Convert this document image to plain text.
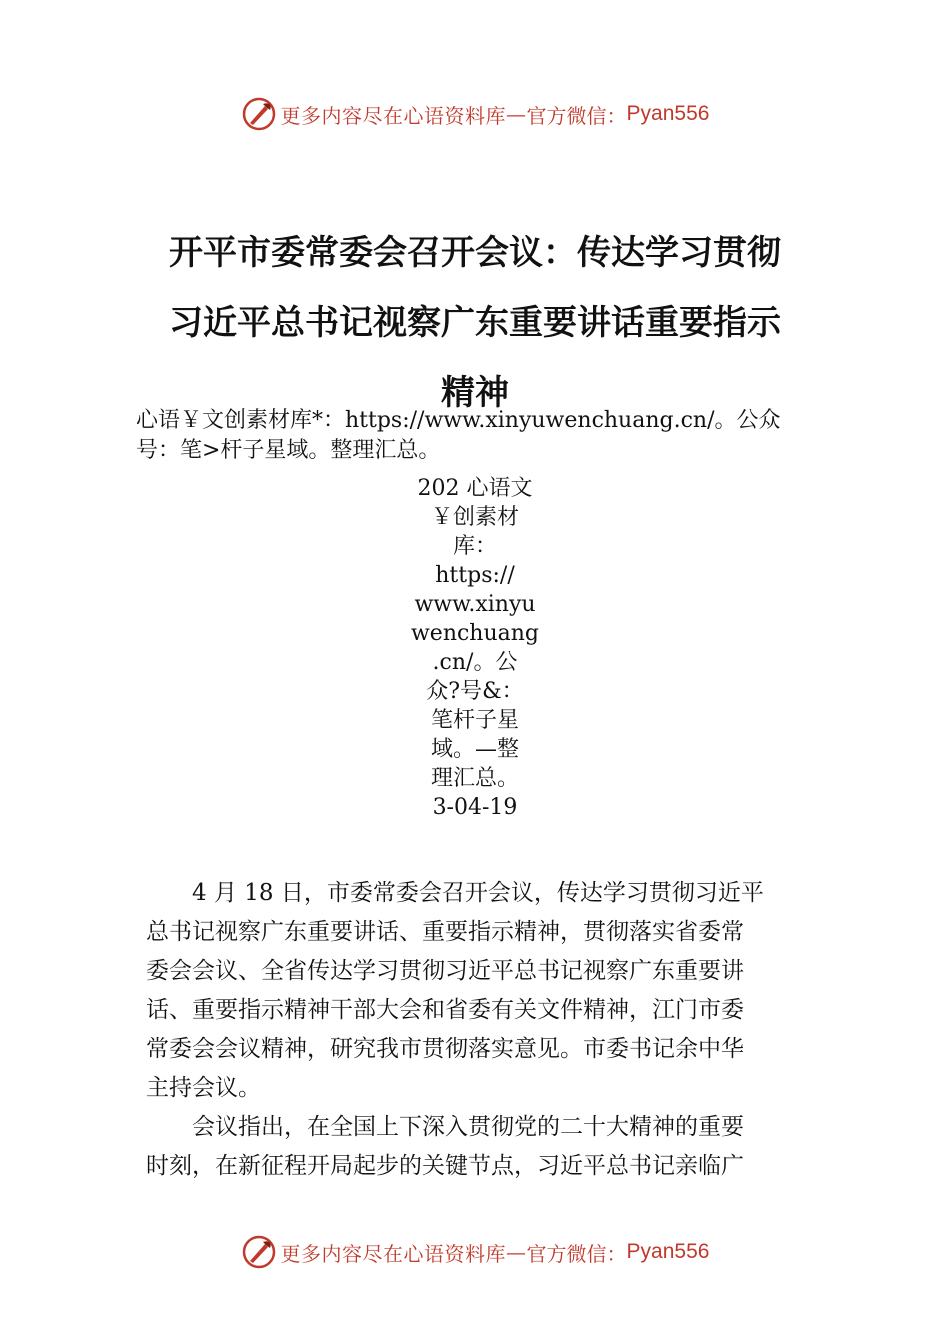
更多内容尽在心语资料库 — 官方微信： Pyan556
开平市委常委会召开会议：传达学习贯彻
习近平总书记视察广东重要讲话重要指示
精神

心语￥文创素材库*：https://www.xinyuwenchuang.cn/。公众
号：笔>杆子星域。整理汇总。

202 心语文
￥创素材
库：
https://
www.xinyu
wenchuang
.cn/。公
众?号&：
笔杆子星
域。—整
理汇总。
3-04-19

　　4 月 18 日，市委常委会召开会议，传达学习贯彻习近平
总书记视察广东重要讲话、重要指示精神，贯彻落实省委常
委会会议、全省传达学习贯彻习近平总书记视察广东重要讲
话、重要指示精神干部大会和省委有关文件精神，江门市委
常委会会议精神，研究我市贯彻落实意见。市委书记余中华
主持会议。
　　会议指出，在全国上下深入贯彻党的二十大精神的重要
时刻，在新征程开局起步的关键节点，习近平总书记亲临广
更多内容尽在心语资料库 — 官方微信： Pyan556
